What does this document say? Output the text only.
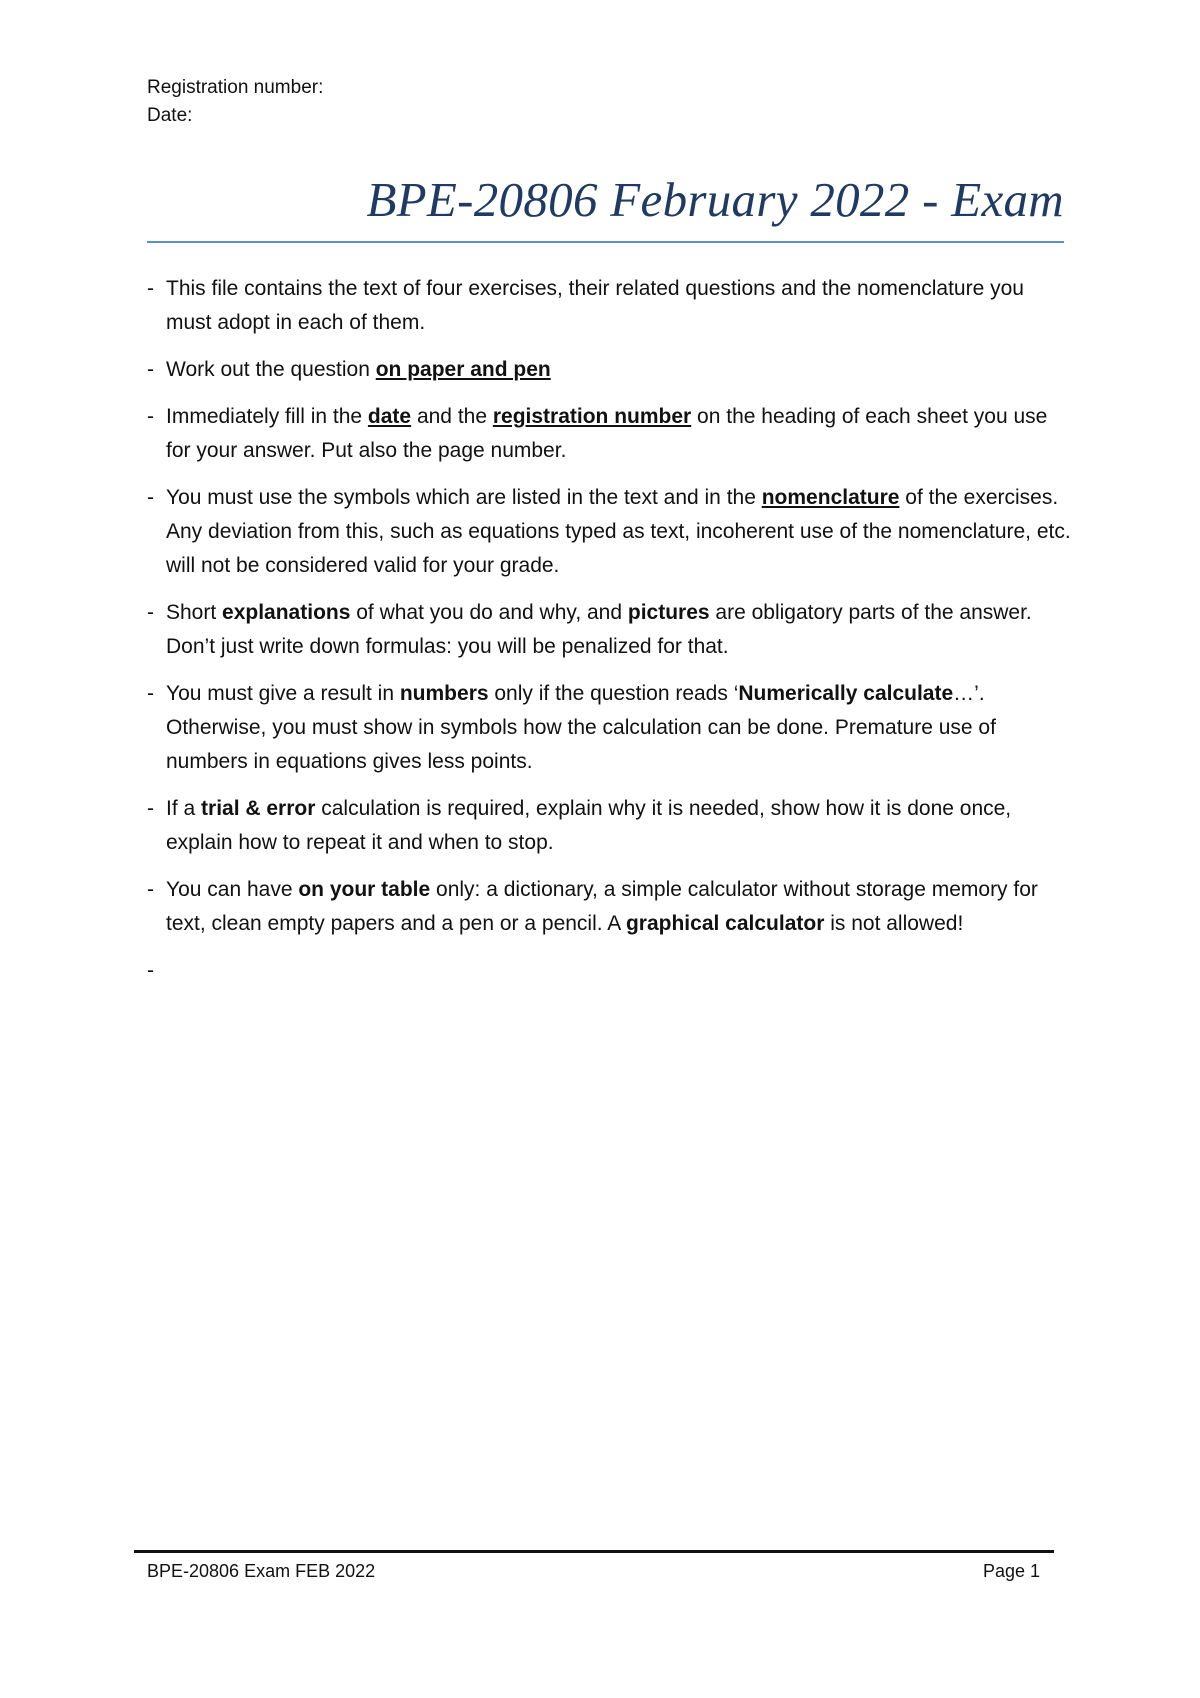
Registration number:
Date:
BPE-20806 February 2022 - Exam
- This file contains the text of four exercises, their related questions and the nomenclature you must adopt in each of them.
- Work out the question on paper and pen
- Immediately fill in the date and the registration number on the heading of each sheet you use for your answer. Put also the page number.
- You must use the symbols which are listed in the text and in the nomenclature of the exercises. Any deviation from this, such as equations typed as text, incoherent use of the nomenclature, etc. will not be considered valid for your grade.
- Short explanations of what you do and why, and pictures are obligatory parts of the answer. Don’t just write down formulas: you will be penalized for that.
- You must give a result in numbers only if the question reads ‘Numerically calculate…’. Otherwise, you must show in symbols how the calculation can be done. Premature use of numbers in equations gives less points.
- If a trial & error calculation is required, explain why it is needed, show how it is done once, explain how to repeat it and when to stop.
- You can have on your table only: a dictionary, a simple calculator without storage memory for text, clean empty papers and a pen or a pencil. A graphical calculator is not allowed!
-
BPE-20806 Exam FEB 2022	Page 1
